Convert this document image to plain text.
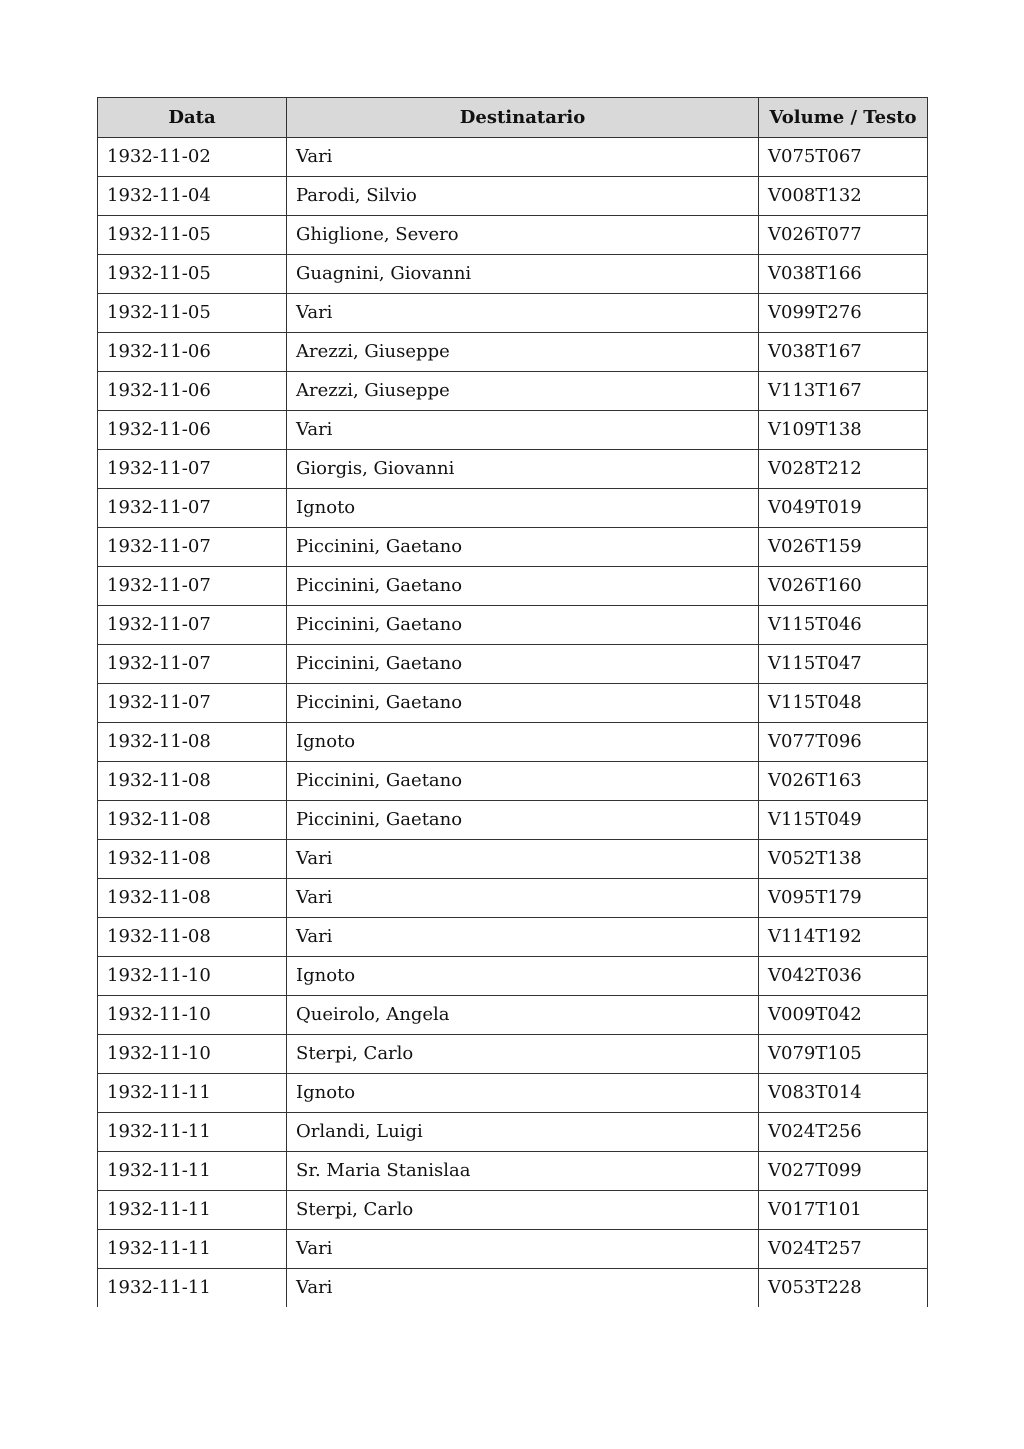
Data	Destinatario	Volume / Testo
1932-11-02	Vari	V075T067
1932-11-04	Parodi, Silvio	V008T132
1932-11-05	Ghiglione, Severo	V026T077
1932-11-05	Guagnini, Giovanni	V038T166
1932-11-05	Vari	V099T276
1932-11-06	Arezzi, Giuseppe	V038T167
1932-11-06	Arezzi, Giuseppe	V113T167
1932-11-06	Vari	V109T138
1932-11-07	Giorgis, Giovanni	V028T212
1932-11-07	Ignoto	V049T019
1932-11-07	Piccinini, Gaetano	V026T159
1932-11-07	Piccinini, Gaetano	V026T160
1932-11-07	Piccinini, Gaetano	V115T046
1932-11-07	Piccinini, Gaetano	V115T047
1932-11-07	Piccinini, Gaetano	V115T048
1932-11-08	Ignoto	V077T096
1932-11-08	Piccinini, Gaetano	V026T163
1932-11-08	Piccinini, Gaetano	V115T049
1932-11-08	Vari	V052T138
1932-11-08	Vari	V095T179
1932-11-08	Vari	V114T192
1932-11-10	Ignoto	V042T036
1932-11-10	Queirolo, Angela	V009T042
1932-11-10	Sterpi, Carlo	V079T105
1932-11-11	Ignoto	V083T014
1932-11-11	Orlandi, Luigi	V024T256
1932-11-11	Sr. Maria Stanislaa	V027T099
1932-11-11	Sterpi, Carlo	V017T101
1932-11-11	Vari	V024T257
1932-11-11	Vari	V053T228
